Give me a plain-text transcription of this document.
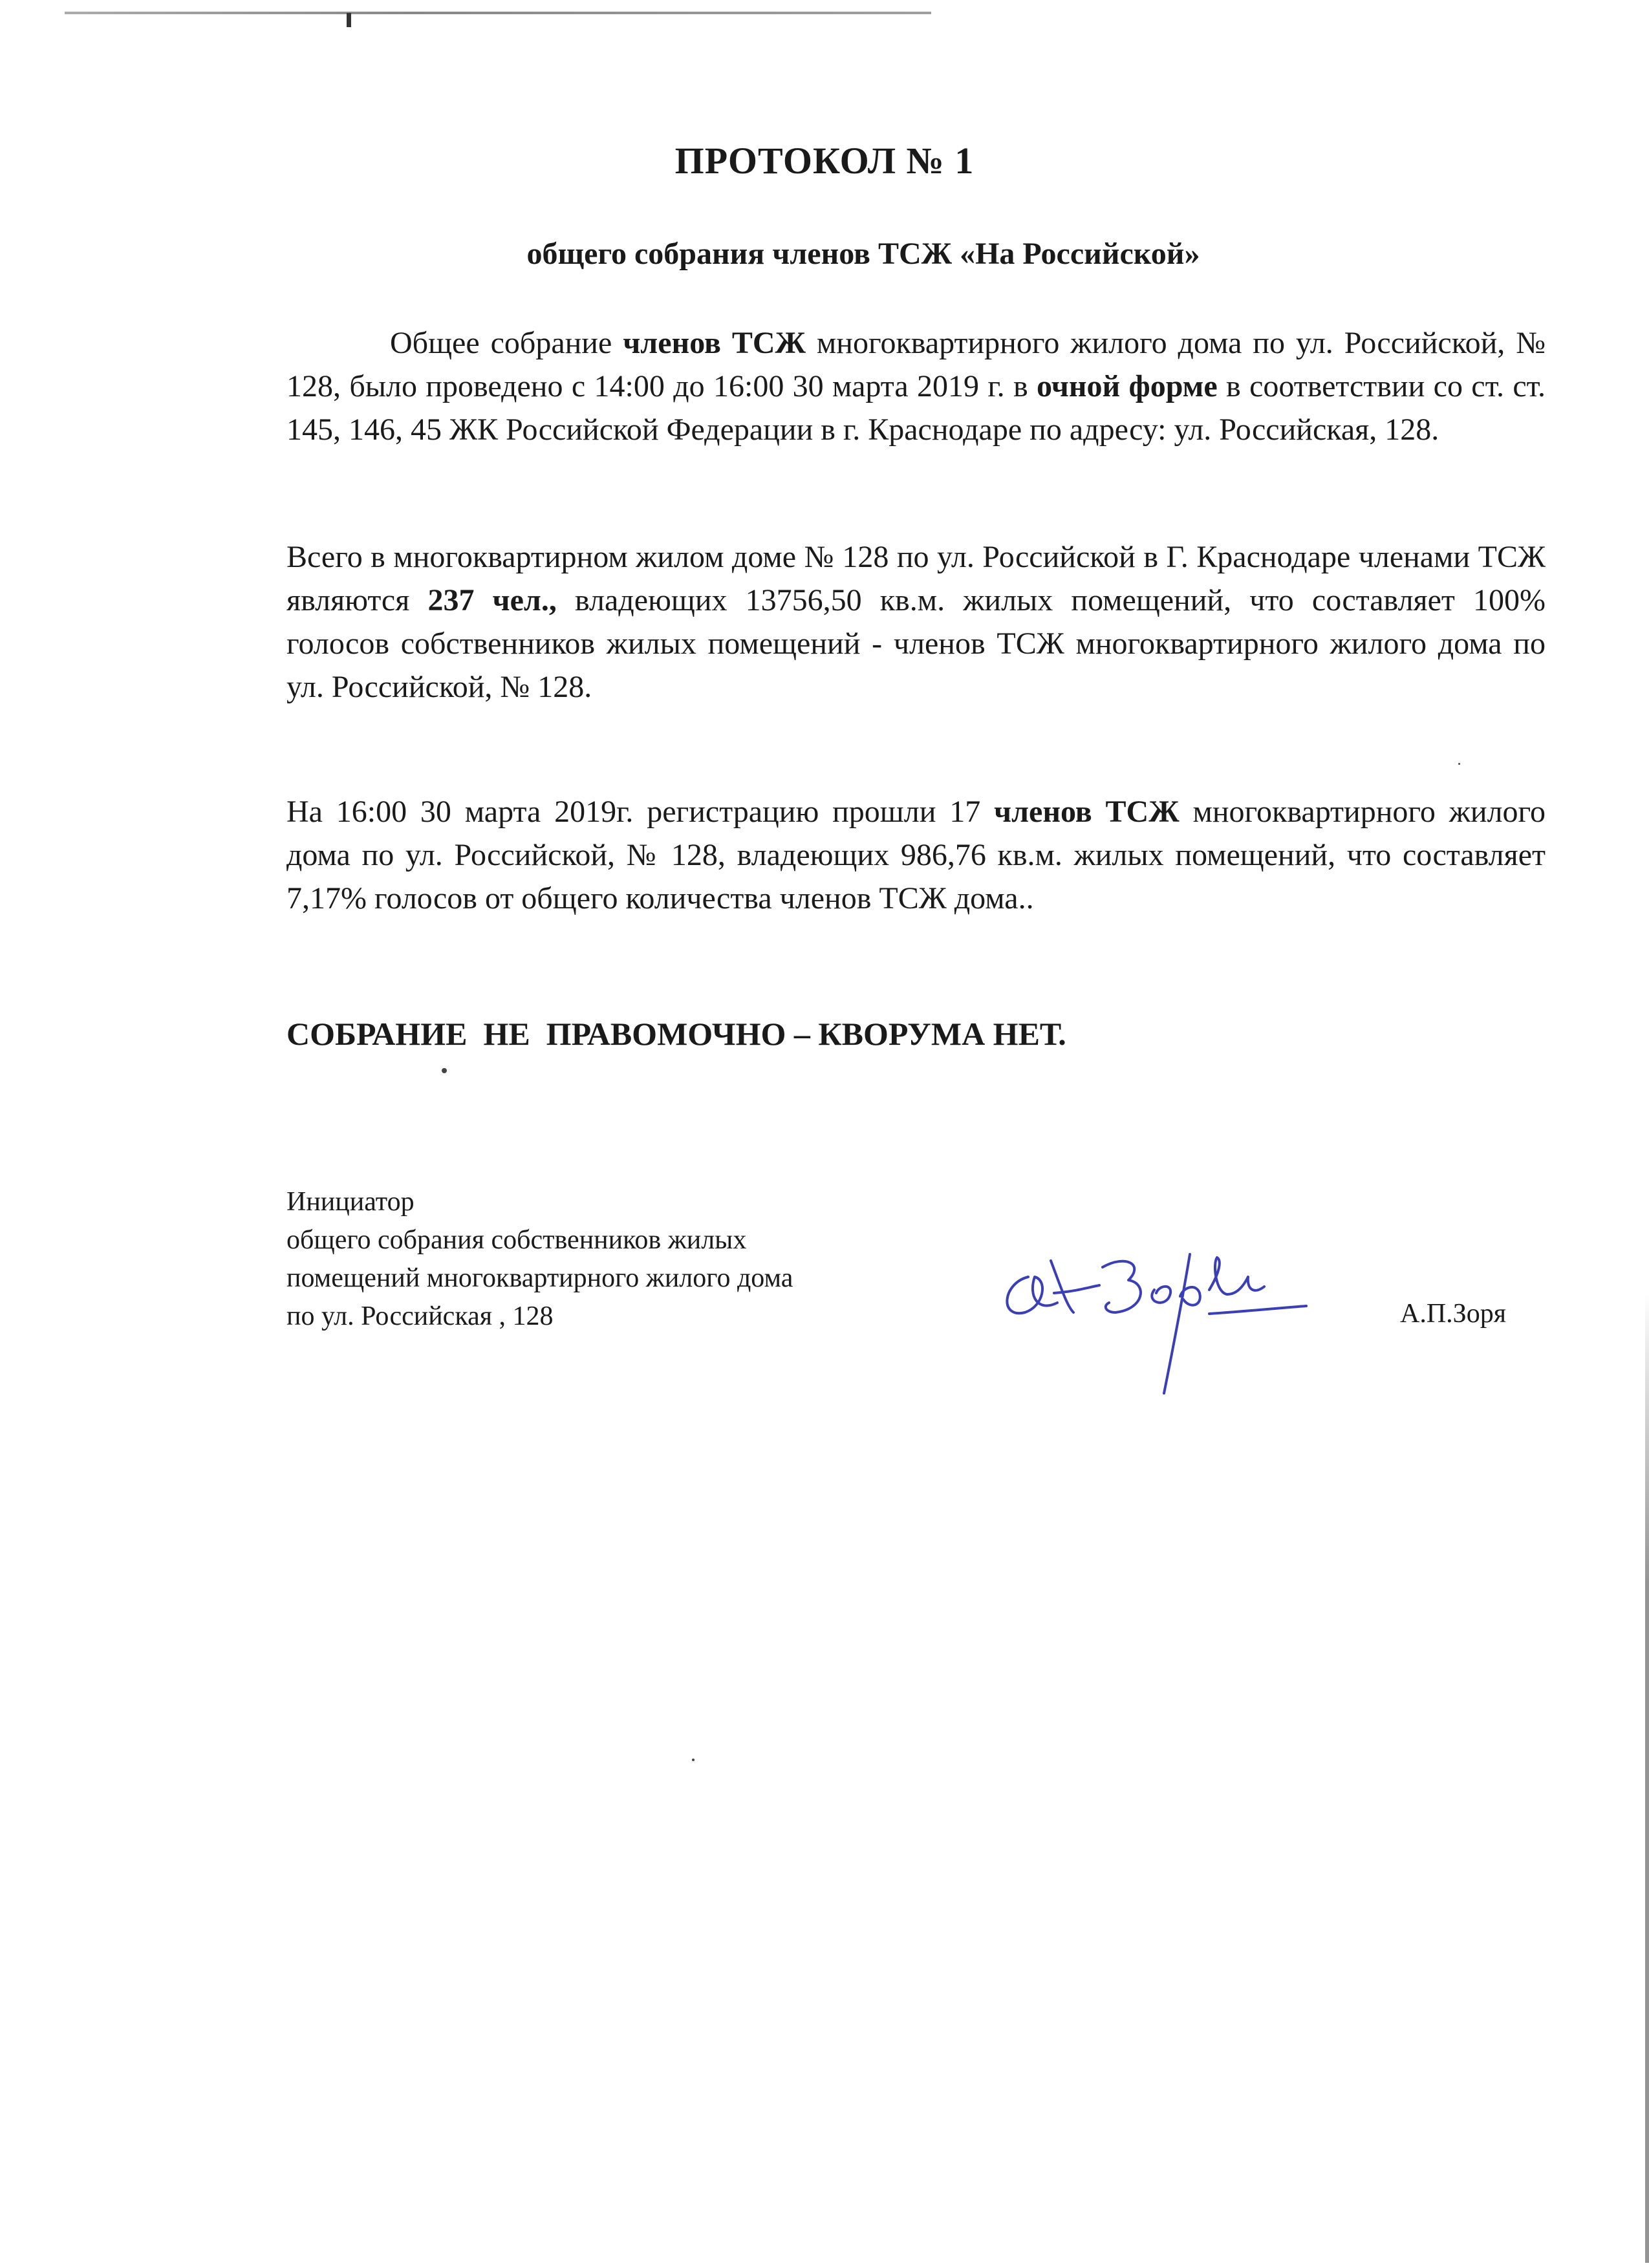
ПРОТОКОЛ № 1
общего собрания членов ТСЖ «На Российской»
Общее собрание членов ТСЖ многоквартирного жилого дома по ул. Российской, № 128, было проведено с 14:00 до 16:00 30 марта 2019 г. в очной форме в соответствии со ст. ст. 145, 146, 45 ЖК Российской Федерации в г. Краснодаре по адресу: ул. Российская, 128.
Всего в многоквартирном жилом доме № 128 по ул. Российской в Г. Краснодаре членами ТСЖ являются 237 чел., владеющих 13756,50 кв.м. жилых помещений, что составляет 100% голосов собственников жилых помещений - членов ТСЖ многоквартирного жилого дома по ул. Российской, № 128.
На 16:00 30 марта 2019г. регистрацию прошли 17 членов ТСЖ многоквартирного жилого дома по ул. Российской, № 128, владеющих 986,76 кв.м. жилых помещений, что составляет 7,17% голосов от общего количества членов ТСЖ дома..
СОБРАНИЕ  НЕ  ПРАВОМОЧНО – КВОРУМА НЕТ.
Инициатор
общего собрания собственников жилых
помещений многоквартирного жилого дома
по ул. Российская , 128	А.П.Зоря
